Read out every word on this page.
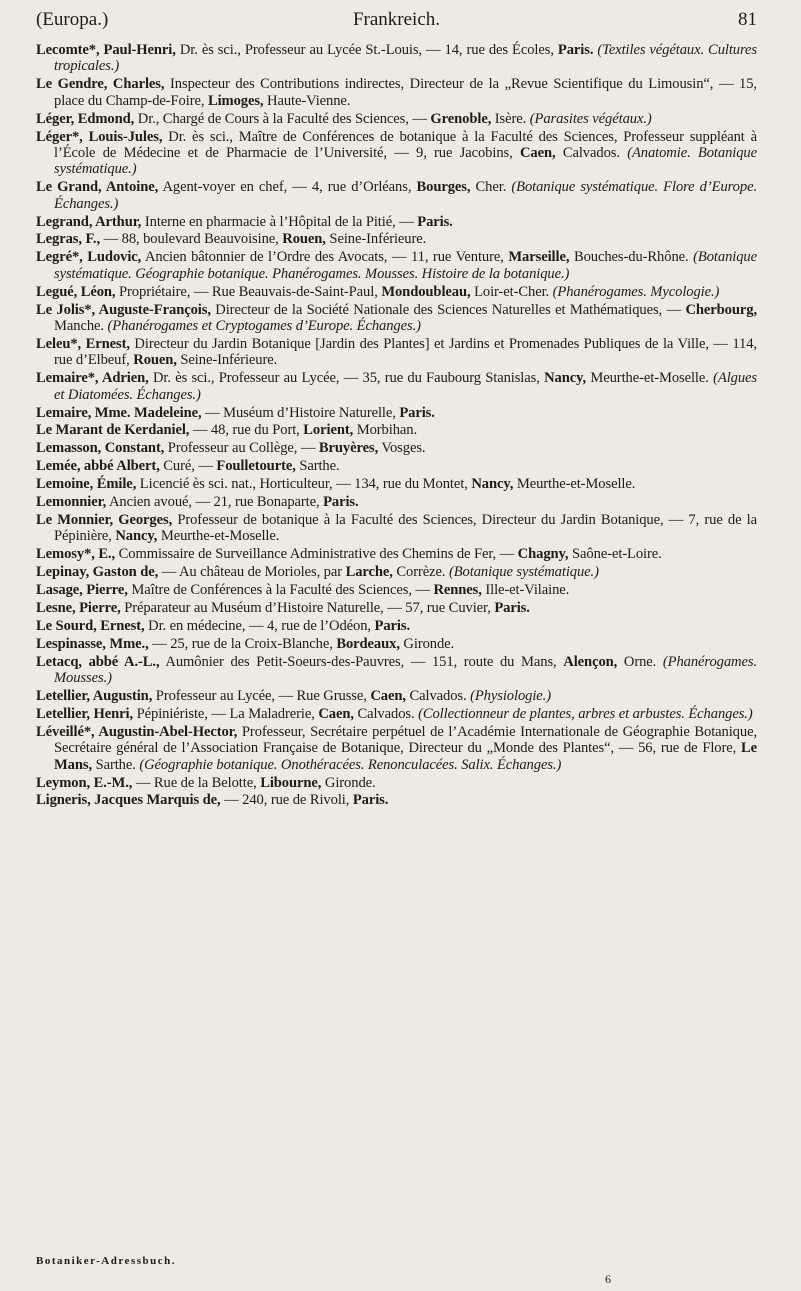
(Europa.)	Frankreich.	81

Lecomte*, Paul-Henri, Dr. ès sci., Professeur au Lycée St.-Louis, — 14, rue des Écoles, Paris. (Textiles végétaux. Cultures tropicales.)

Le Gendre, Charles, Inspecteur des Contributions indirectes, Directeur de la „Revue Scientifique du Limousin“, — 15, place du Champ-de-Foire, Limoges, Haute-Vienne.

Léger, Edmond, Dr., Chargé de Cours à la Faculté des Sciences, — Grenoble, Isère. (Parasites végétaux.)

Léger*, Louis-Jules, Dr. ès sci., Maître de Conférences de botanique à la Faculté des Sciences, Professeur suppléant à l’École de Médecine et de Pharmacie de l’Université, — 9, rue Jacobins, Caen, Calvados. (Anatomie. Botanique systématique.)

Le Grand, Antoine, Agent-voyer en chef, — 4, rue d’Orléans, Bourges, Cher. (Botanique systématique. Flore d’Europe. Échanges.)

Legrand, Arthur, Interne en pharmacie à l’Hôpital de la Pitié, — Paris.

Legras, F., — 88, boulevard Beauvoisine, Rouen, Seine-Inférieure.

Legré*, Ludovic, Ancien bâtonnier de l’Ordre des Avocats, — 11, rue Venture, Marseille, Bouches-du-Rhône. (Botanique systématique. Géographie botanique. Phanérogames. Mousses. Histoire de la botanique.)

Legué, Léon, Propriétaire, — Rue Beauvais-de-Saint-Paul, Mondoubleau, Loir-et-Cher. (Phanérogames. Mycologie.)

Le Jolis*, Auguste-François, Directeur de la Société Nationale des Sciences Naturelles et Mathématiques, — Cherbourg, Manche. (Phanérogames et Cryptogames d’Europe. Échanges.)

Leleu*, Ernest, Directeur du Jardin Botanique [Jardin des Plantes] et Jardins et Promenades Publiques de la Ville, — 114, rue d’Elbeuf, Rouen, Seine-Inférieure.

Lemaire*, Adrien, Dr. ès sci., Professeur au Lycée, — 35, rue du Faubourg Stanislas, Nancy, Meurthe-et-Moselle. (Algues et Diatomées. Échanges.)

Lemaire, Mme. Madeleine, — Muséum d’Histoire Naturelle, Paris.

Le Marant de Kerdaniel, — 48, rue du Port, Lorient, Morbihan.

Lemasson, Constant, Professeur au Collège, — Bruyères, Vosges.

Lemée, abbé Albert, Curé, — Foulletourte, Sarthe.

Lemoine, Émile, Licencié ès sci. nat., Horticulteur, — 134, rue du Montet, Nancy, Meurthe-et-Moselle.

Lemonnier, Ancien avoué, — 21, rue Bonaparte, Paris.

Le Monnier, Georges, Professeur de botanique à la Faculté des Sciences, Directeur du Jardin Botanique, — 7, rue de la Pépinière, Nancy, Meurthe-et-Moselle.

Lemosy*, E., Commissaire de Surveillance Administrative des Chemins de Fer, — Chagny, Saône-et-Loire.

Lepinay, Gaston de, — Au château de Morioles, par Larche, Corrèze. (Botanique systématique.)

Lasage, Pierre, Maître de Conférences à la Faculté des Sciences, — Rennes, Ille-et-Vilaine.

Lesne, Pierre, Préparateur au Muséum d’Histoire Naturelle, — 57, rue Cuvier, Paris.

Le Sourd, Ernest, Dr. en médecine, — 4, rue de l’Odéon, Paris.

Lespinasse, Mme., — 25, rue de la Croix-Blanche, Bordeaux, Gironde.

Letacq, abbé A.-L., Aumônier des Petit-Soeurs-des-Pauvres, — 151, route du Mans, Alençon, Orne. (Phanérogames. Mousses.)

Letellier, Augustin, Professeur au Lycée, — Rue Grusse, Caen, Calvados. (Physiologie.)

Letellier, Henri, Pépiniériste, — La Maladrerie, Caen, Calvados. (Collectionneur de plantes, arbres et arbustes. Échanges.)

Léveillé*, Augustin-Abel-Hector, Professeur, Secrétaire perpétuel de l’Académie Internationale de Géographie Botanique, Secrétaire général de l’Association Française de Botanique, Directeur du „Monde des Plantes“, — 56, rue de Flore, Le Mans, Sarthe. (Géographie botanique. Onothéracées. Renonculacées. Salix. Échanges.)

Leymon, E.-M., — Rue de la Belotte, Libourne, Gironde.

Ligneris, Jacques Marquis de, — 240, rue de Rivoli, Paris.

Botaniker-Adressbuch.
6
